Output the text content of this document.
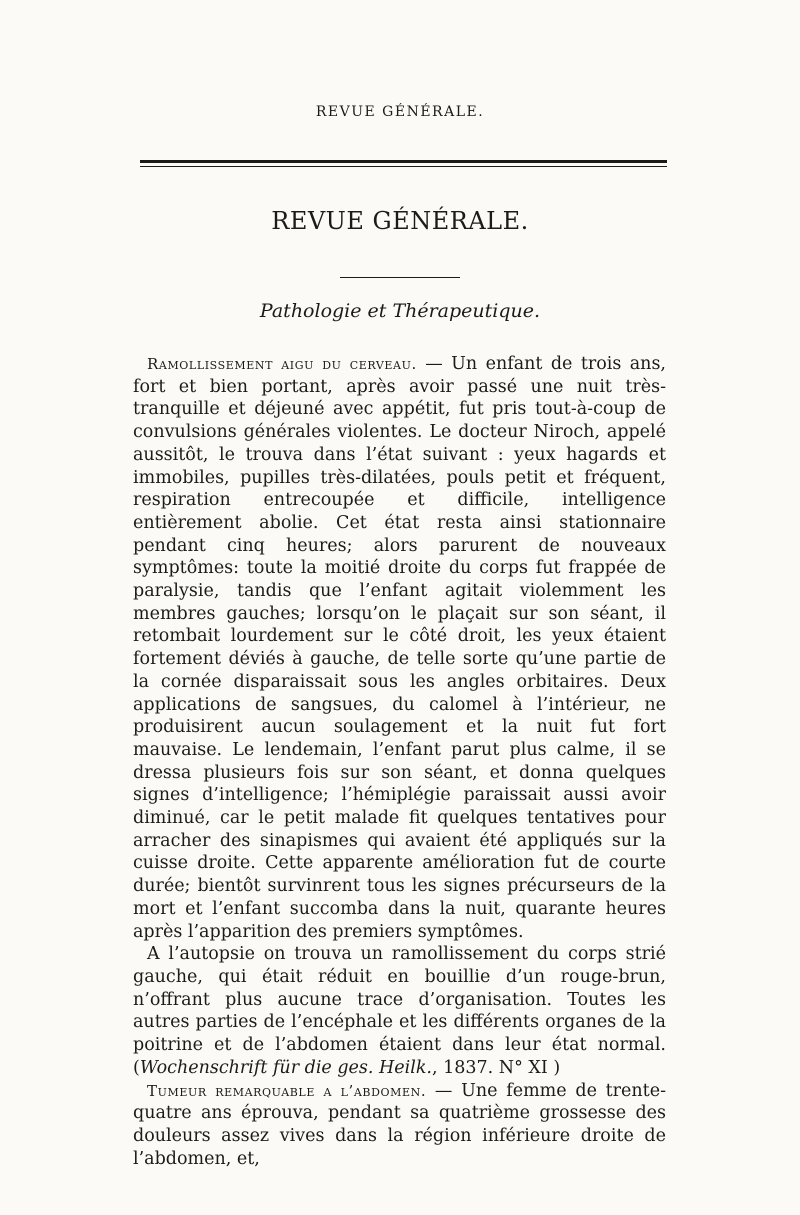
REVUE GÉNÉRALE.
REVUE GÉNÉRALE.
Pathologie et Thérapeutique.

Ramollissement aigu du cerveau. — Un enfant de trois ans, fort et bien portant, après avoir passé une nuit très-tranquille et déjeuné avec appétit, fut pris tout-à-coup de convulsions générales violentes. Le docteur Niroch, appelé aussitôt, le trouva dans l’état suivant : yeux hagards et immobiles, pupilles très-dilatées, pouls petit et fréquent, respiration entrecoupée et difficile, intelligence entièrement abolie. Cet état resta ainsi stationnaire pendant cinq heures; alors parurent de nouveaux symptômes: toute la moitié droite du corps fut frappée de paralysie, tandis que l’enfant agitait violemment les membres gauches; lorsqu’on le plaçait sur son séant, il retombait lourdement sur le côté droit, les yeux étaient fortement déviés à gauche, de telle sorte qu’une partie de la cornée disparaissait sous les angles orbitaires. Deux applications de sangsues, du calomel à l’intérieur, ne produisirent aucun soulagement et la nuit fut fort mauvaise. Le lendemain, l’enfant parut plus calme, il se dressa plusieurs fois sur son séant, et donna quelques signes d’intelligence; l’hémiplégie paraissait aussi avoir diminué, car le petit malade fit quelques tentatives pour arracher des sinapismes qui avaient été appliqués sur la cuisse droite. Cette apparente amélioration fut de courte durée; bientôt survinrent tous les signes précurseurs de la mort et l’enfant succomba dans la nuit, quarante heures après l’apparition des premiers symptômes.

A l’autopsie on trouva un ramollissement du corps strié gauche, qui était réduit en bouillie d’un rouge-brun, n’offrant plus aucune trace d’organisation. Toutes les autres parties de l’encéphale et les différents organes de la poitrine et de l’abdomen étaient dans leur état normal. (Wochenschrift für die ges. Heilk., 1837. N° XI )

Tumeur remarquable a l’abdomen. — Une femme de trente-quatre ans éprouva, pendant sa quatrième grossesse des douleurs assez vives dans la région inférieure droite de l’abdomen, et,
